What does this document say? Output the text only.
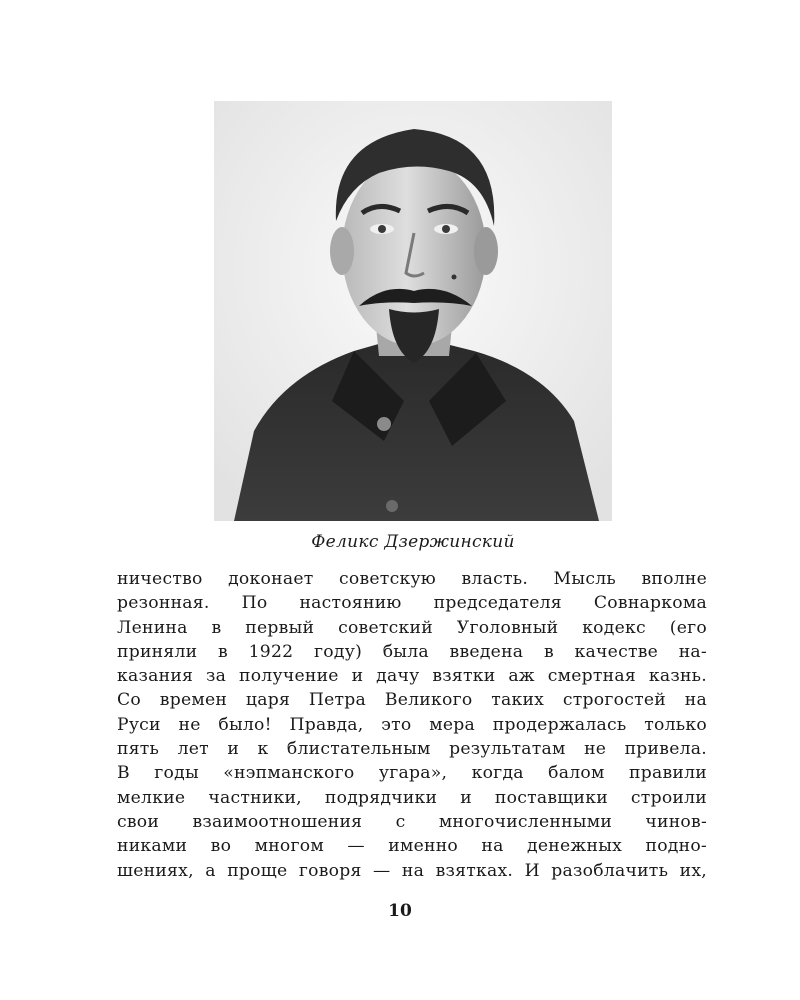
Феликс Дзержинский
ничество доконает советскую власть. Мысль вполне
резонная. По настоянию председателя Совнаркома
Ленина в первый советский Уголовный кодекс (его
приняли в 1922 году) была введена в качестве на-
казания за получение и дачу взятки аж смертная казнь.
Со времен царя Петра Великого таких строгостей на
Руси не было! Правда, это мера продержалась только
пять лет и к блистательным результатам не привела.
В годы «нэпманского угара», когда балом правили
мелкие частники, подрядчики и поставщики строили
свои взаимоотношения с многочисленными чинов-
никами во многом — именно на денежных подно-
шениях, а проще говоря — на взятках. И разоблачить их,
10
